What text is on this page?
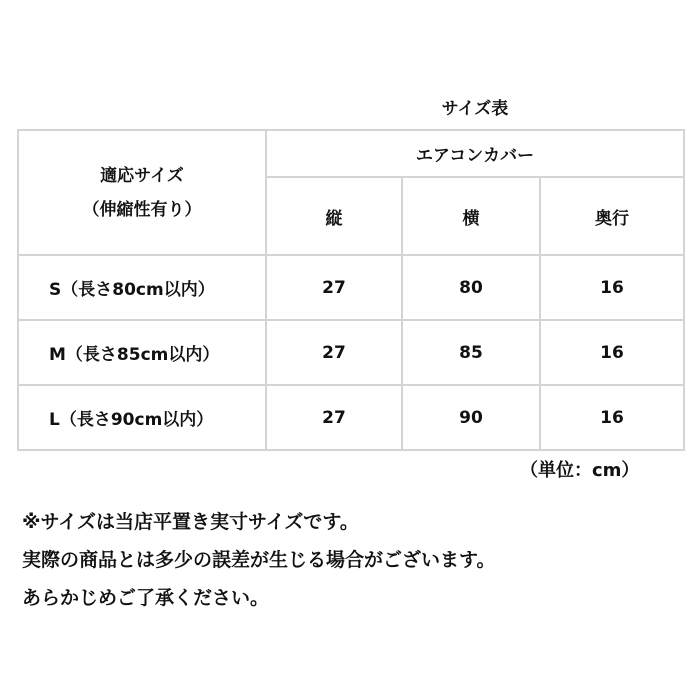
サイズ表
適応サイズ
（伸縮性有り）	エアコンカバー		
	縦	横	奥行

S（長さ80cm以内）	27	80	16

M（長さ85cm以内）	27	85	16

L（長さ90cm以内）	27	90	16
（単位：cm）
※サイズは当店平置き実寸サイズです。
実際の商品とは多少の誤差が生じる場合がございます。
あらかじめご了承ください。
